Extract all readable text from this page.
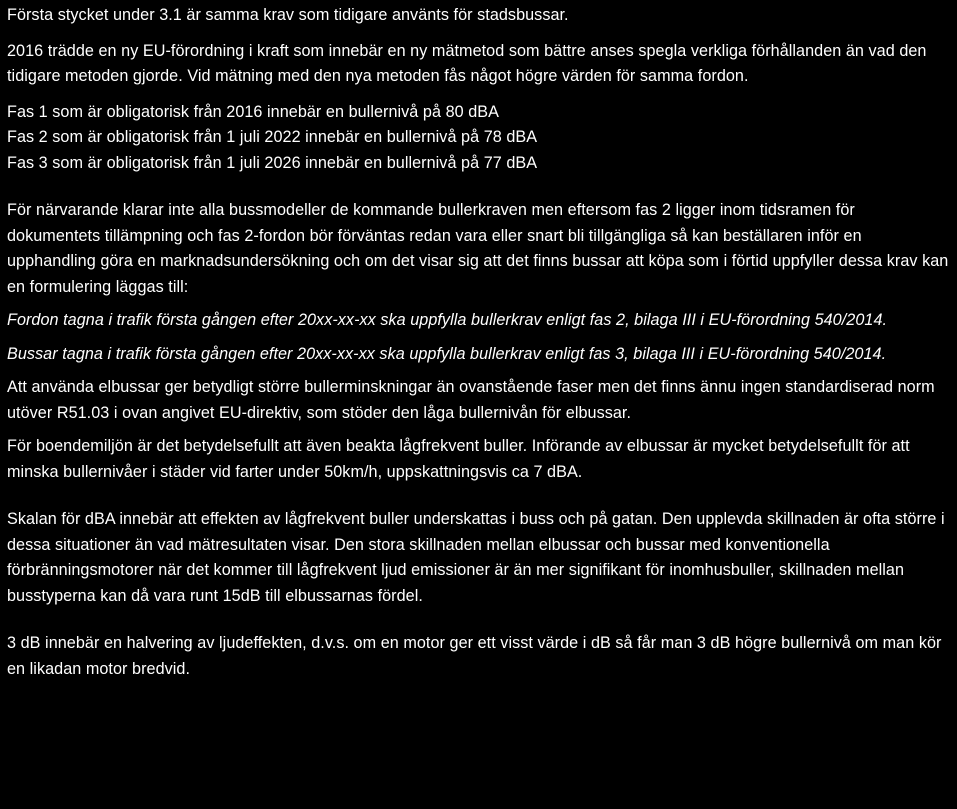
Första stycket under 3.1 är samma krav som tidigare använts för stadsbussar.

2016 trädde en ny EU-förordning i kraft som innebär en ny mätmetod som bättre anses spegla verkliga förhållanden än vad den tidigare metoden gjorde. Vid mätning med den nya metoden fås något högre värden för samma fordon.

Fas 1 som är obligatorisk från 2016 innebär en bullernivå på 80 dBA

Fas 2 som är obligatorisk från 1 juli 2022 innebär en bullernivå på 78 dBA

Fas 3 som är obligatorisk från 1 juli 2026 innebär en bullernivå på 77 dBA

För närvarande klarar inte alla bussmodeller de kommande bullerkraven men eftersom fas 2 ligger inom tidsramen för dokumentets tillämpning och fas 2-fordon bör förväntas redan vara eller snart bli tillgängliga så kan beställaren inför en upphandling göra en marknadsundersökning och om det visar sig att det finns bussar att köpa som i förtid uppfyller dessa krav kan en formulering läggas till:

Fordon tagna i trafik första gången efter 20xx-xx-xx ska uppfylla bullerkrav enligt fas 2, bilaga III i EU-förordning 540/2014.

Bussar tagna i trafik första gången efter 20xx-xx-xx ska uppfylla bullerkrav enligt fas 3, bilaga III i EU-förordning 540/2014.

Att använda elbussar ger betydligt större bullerminskningar än ovanstående faser men det finns ännu ingen standardiserad norm utöver R51.03 i ovan angivet EU-direktiv, som stöder den låga bullernivån för elbussar.

För boendemiljön är det betydelsefullt att även beakta lågfrekvent buller. Införande av elbussar är mycket betydelsefullt för att minska bullernivåer i städer vid farter under 50km/h, uppskattningsvis ca 7 dBA.

Skalan för dBA innebär att effekten av lågfrekvent buller underskattas i buss och på gatan. Den upplevda skillnaden är ofta större i dessa situationer än vad mätresultaten visar. Den stora skillnaden mellan elbussar och bussar med konventionella förbränningsmotorer när det kommer till lågfrekvent ljud emissioner är än mer signifikant för inomhusbuller, skillnaden mellan busstyperna kan då vara runt 15dB till elbussarnas fördel.

3 dB innebär en halvering av ljudeffekten, d.v.s. om en motor ger ett visst värde i dB så får man 3 dB högre bullernivå om man kör en likadan motor bredvid.
